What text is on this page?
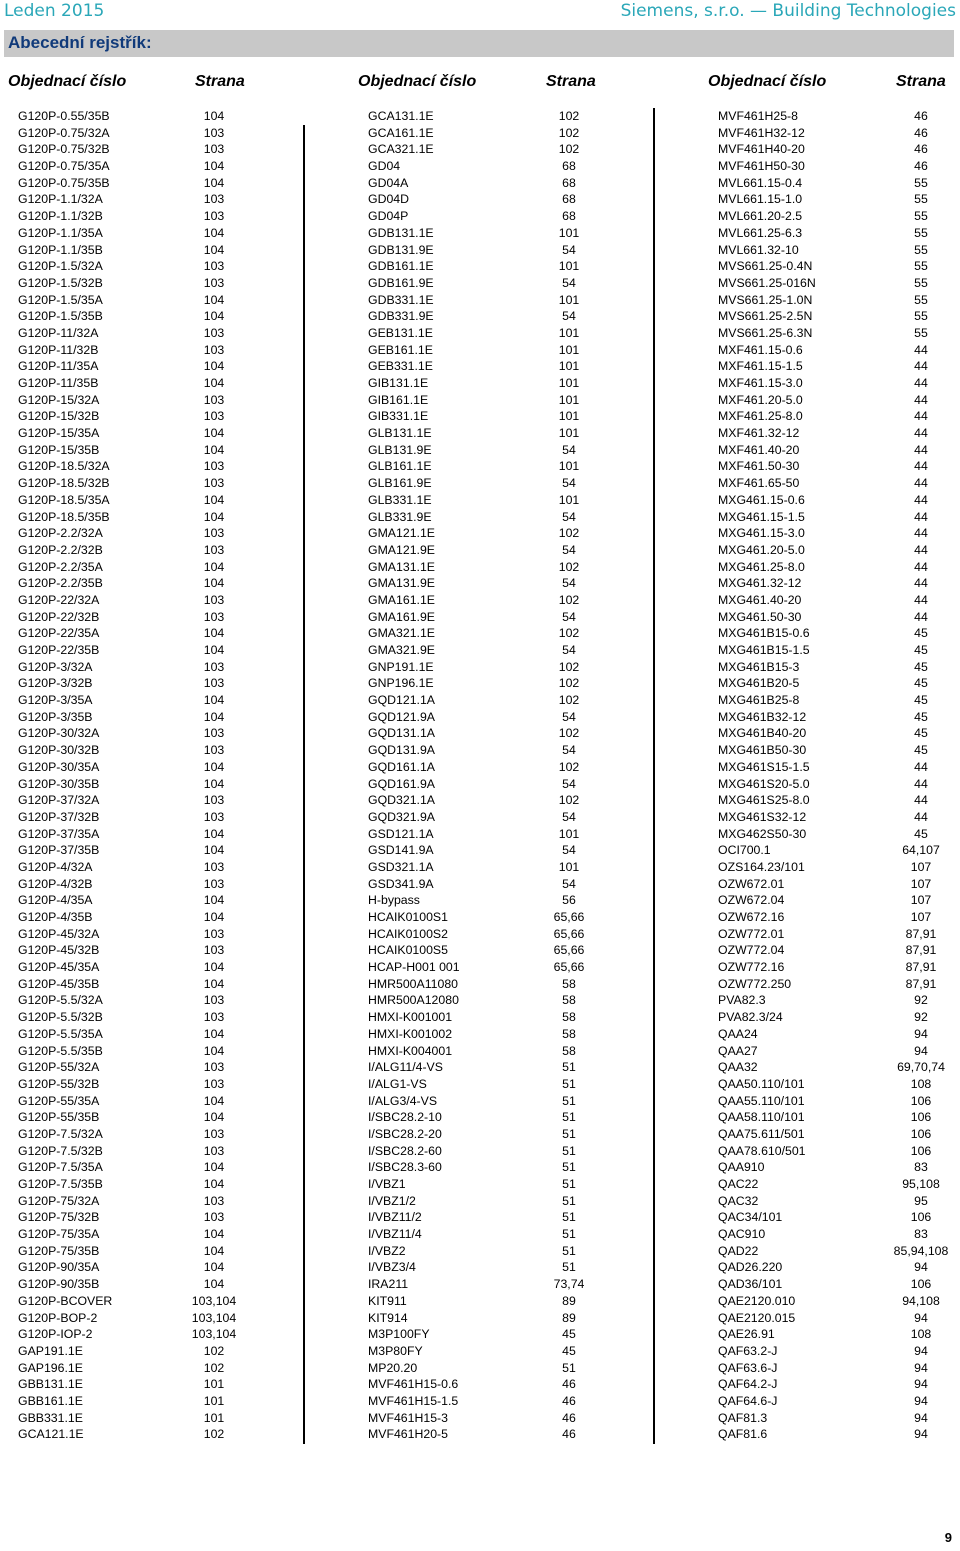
Leden 2015	Siemens, s.r.o. — Building Technologies
Abecední rejstřík:
Objednací číslo	Strana	Objednací číslo	Strana	Objednací číslo	Strana
G120P-0.55/35B	104
G120P-0.75/32A	103
G120P-0.75/32B	103
G120P-0.75/35A	104
G120P-0.75/35B	104
G120P-1.1/32A	103
G120P-1.1/32B	103
G120P-1.1/35A	104
G120P-1.1/35B	104
G120P-1.5/32A	103
G120P-1.5/32B	103
G120P-1.5/35A	104
G120P-1.5/35B	104
G120P-11/32A	103
G120P-11/32B	103
G120P-11/35A	104
G120P-11/35B	104
G120P-15/32A	103
G120P-15/32B	103
G120P-15/35A	104
G120P-15/35B	104
G120P-18.5/32A	103
G120P-18.5/32B	103
G120P-18.5/35A	104
G120P-18.5/35B	104
G120P-2.2/32A	103
G120P-2.2/32B	103
G120P-2.2/35A	104
G120P-2.2/35B	104
G120P-22/32A	103
G120P-22/32B	103
G120P-22/35A	104
G120P-22/35B	104
G120P-3/32A	103
G120P-3/32B	103
G120P-3/35A	104
G120P-3/35B	104
G120P-30/32A	103
G120P-30/32B	103
G120P-30/35A	104
G120P-30/35B	104
G120P-37/32A	103
G120P-37/32B	103
G120P-37/35A	104
G120P-37/35B	104
G120P-4/32A	103
G120P-4/32B	103
G120P-4/35A	104
G120P-4/35B	104
G120P-45/32A	103
G120P-45/32B	103
G120P-45/35A	104
G120P-45/35B	104
G120P-5.5/32A	103
G120P-5.5/32B	103
G120P-5.5/35A	104
G120P-5.5/35B	104
G120P-55/32A	103
G120P-55/32B	103
G120P-55/35A	104
G120P-55/35B	104
G120P-7.5/32A	103
G120P-7.5/32B	103
G120P-7.5/35A	104
G120P-7.5/35B	104
G120P-75/32A	103
G120P-75/32B	103
G120P-75/35A	104
G120P-75/35B	104
G120P-90/35A	104
G120P-90/35B	104
G120P-BCOVER	103,104
G120P-BOP-2	103,104
G120P-IOP-2	103,104
GAP191.1E	102
GAP196.1E	102
GBB131.1E	101
GBB161.1E	101
GBB331.1E	101
GCA121.1E	102
GCA131.1E	102
GCA161.1E	102
GCA321.1E	102
GD04	68
GD04A	68
GD04D	68
GD04P	68
GDB131.1E	101
GDB131.9E	54
GDB161.1E	101
GDB161.9E	54
GDB331.1E	101
GDB331.9E	54
GEB131.1E	101
GEB161.1E	101
GEB331.1E	101
GIB131.1E	101
GIB161.1E	101
GIB331.1E	101
GLB131.1E	101
GLB131.9E	54
GLB161.1E	101
GLB161.9E	54
GLB331.1E	101
GLB331.9E	54
GMA121.1E	102
GMA121.9E	54
GMA131.1E	102
GMA131.9E	54
GMA161.1E	102
GMA161.9E	54
GMA321.1E	102
GMA321.9E	54
GNP191.1E	102
GNP196.1E	102
GQD121.1A	102
GQD121.9A	54
GQD131.1A	102
GQD131.9A	54
GQD161.1A	102
GQD161.9A	54
GQD321.1A	102
GQD321.9A	54
GSD121.1A	101
GSD141.9A	54
GSD321.1A	101
GSD341.9A	54
H-bypass	56
HCAIK0100S1	65,66
HCAIK0100S2	65,66
HCAIK0100S5	65,66
HCAP-H001 001	65,66
HMR500A11080	58
HMR500A12080	58
HMXI-K001001	58
HMXI-K001002	58
HMXI-K004001	58
I/ALG11/4-VS	51
I/ALG1-VS	51
I/ALG3/4-VS	51
I/SBC28.2-10	51
I/SBC28.2-20	51
I/SBC28.2-60	51
I/SBC28.3-60	51
I/VBZ1	51
I/VBZ1/2	51
I/VBZ11/2	51
I/VBZ11/4	51
I/VBZ2	51
I/VBZ3/4	51
IRA211	73,74
KIT911	89
KIT914	89
M3P100FY	45
M3P80FY	45
MP20.20	51
MVF461H15-0.6	46
MVF461H15-1.5	46
MVF461H15-3	46
MVF461H20-5	46
MVF461H25-8	46
MVF461H32-12	46
MVF461H40-20	46
MVF461H50-30	46
MVL661.15-0.4	55
MVL661.15-1.0	55
MVL661.20-2.5	55
MVL661.25-6.3	55
MVL661.32-10	55
MVS661.25-0.4N	55
MVS661.25-016N	55
MVS661.25-1.0N	55
MVS661.25-2.5N	55
MVS661.25-6.3N	55
MXF461.15-0.6	44
MXF461.15-1.5	44
MXF461.15-3.0	44
MXF461.20-5.0	44
MXF461.25-8.0	44
MXF461.32-12	44
MXF461.40-20	44
MXF461.50-30	44
MXF461.65-50	44
MXG461.15-0.6	44
MXG461.15-1.5	44
MXG461.15-3.0	44
MXG461.20-5.0	44
MXG461.25-8.0	44
MXG461.32-12	44
MXG461.40-20	44
MXG461.50-30	44
MXG461B15-0.6	45
MXG461B15-1.5	45
MXG461B15-3	45
MXG461B20-5	45
MXG461B25-8	45
MXG461B32-12	45
MXG461B40-20	45
MXG461B50-30	45
MXG461S15-1.5	44
MXG461S20-5.0	44
MXG461S25-8.0	44
MXG461S32-12	44
MXG462S50-30	45
OCI700.1	64,107
OZS164.23/101	107
OZW672.01	107
OZW672.04	107
OZW672.16	107
OZW772.01	87,91
OZW772.04	87,91
OZW772.16	87,91
OZW772.250	87,91
PVA82.3	92
PVA82.3/24	92
QAA24	94
QAA27	94
QAA32	69,70,74
QAA50.110/101	108
QAA55.110/101	106
QAA58.110/101	106
QAA75.611/501	106
QAA78.610/501	106
QAA910	83
QAC22	95,108
QAC32	95
QAC34/101	106
QAC910	83
QAD22	85,94,108
QAD26.220	94
QAD36/101	106
QAE2120.010	94,108
QAE2120.015	94
QAE26.91	108
QAF63.2-J	94
QAF63.6-J	94
QAF64.2-J	94
QAF64.6-J	94
QAF81.3	94
QAF81.6	94
9
